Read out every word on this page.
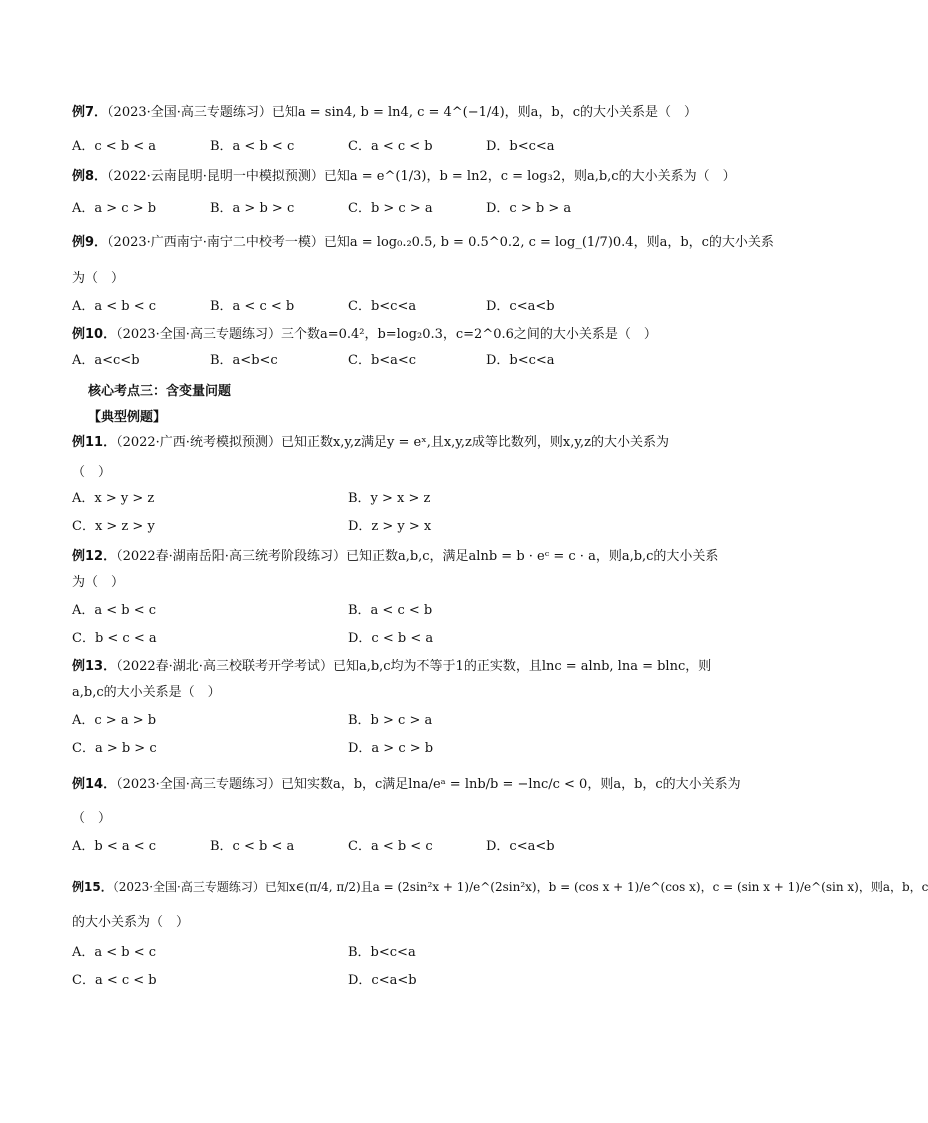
例7．（2023·全国·高三专题练习）已知a = sin4, b = ln4, c = 4^(−1/4)，则a，b，c的大小关系是（　）
A．c < b < a	B．a < b < c	C．a < c < b	D．b<c<a
例8．（2022·云南昆明·昆明一中模拟预测）已知a = e^(1/3)，b = ln2，c = log₃2，则a,b,c的大小关系为（　）
A．a > c > b	B．a > b > c	C．b > c > a	D．c > b > a
例9．（2023·广西南宁·南宁二中校考一模）已知a = log₀.₂0.5, b = 0.5^0.2, c = log_(1/7)0.4，则a，b，c的大小关系
为（　）
A．a < b < c	B．a < c < b	C．b<c<a	D．c<a<b
例10．（2023·全国·高三专题练习）三个数a=0.4²，b=log₂0.3，c=2^0.6之间的大小关系是（　）
A．a<c<b	B．a<b<c	C．b<a<c	D．b<c<a
核心考点三：含变量问题
【典型例题】
例11．（2022·广西·统考模拟预测）已知正数x,y,z满足y = eˣ,且x,y,z成等比数列，则x,y,z的大小关系为
（　）
A．x > y > z	B．y > x > z
C．x > z > y	D．z > y > x
例12．（2022春·湖南岳阳·高三统考阶段练习）已知正数a,b,c，满足alnb = b · eᶜ = c · a，则a,b,c的大小关系
为（　）
A．a < b < c	B．a < c < b
C．b < c < a	D．c < b < a
例13．（2022春·湖北·高三校联考开学考试）已知a,b,c均为不等于1的正实数，且lnc = alnb, lna = blnc，则
a,b,c的大小关系是（　）
A．c > a > b	B．b > c > a
C．a > b > c	D．a > c > b
例14．（2023·全国·高三专题练习）已知实数a，b，c满足lna/eᵃ = lnb/b = −lnc/c < 0，则a，b，c的大小关系为
（　）
A．b < a < c	B．c < b < a	C．a < b < c	D．c<a<b
例15．（2023·全国·高三专题练习）已知x∈(π/4, π/2)且a = (2sin²x + 1)/e^(2sin²x)，b = (cos x + 1)/e^(cos x)，c = (sin x + 1)/e^(sin x)，则a，b，c
的大小关系为（　）
A．a < b < c	B．b<c<a
C．a < c < b	D．c<a<b
